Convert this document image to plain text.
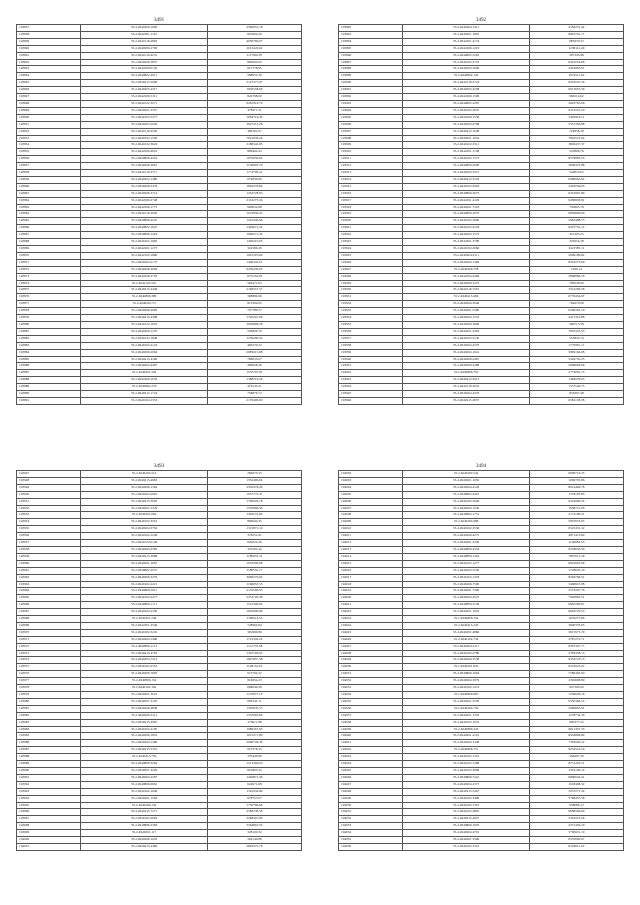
3491
193837	35.2.4940206.1600	2382851.18
193838	35.2.4942301.1191	801604.20
193839	35.2.4941016.4863	4036760.07
193840	35.2.4940206.2700	2013445.62
193841	35.2.4941016.4231	1117816.87
193842	35.2.4940206.5857	896292.02
193843	35.2.4942206.0745	915778.85
193844	35.2.4940802.3017	588952.30
193845	35.2.4940415.5006	5127377.97
193846	35.2.4940203.4317	1950558.60
193847	35.2.4942206.5311	824798.00
193848	35.2.4941022.3271	6281916.70
193849	35.2.4940201.5357	478471.31
193850	35.2.4940102.5377	1064716.43
193851	35.2.4940203.2026	3627213.28
193852	35.2.4941016.2250	386161.07
193853	35.2.4940102.1540	7021636.24
193854	35.2.4941022.3624	2186542.83
193855	35.2.4942206.4016	896462.45
193856	35.2.4940806.4324	1872059.04
193857	35.2.4940206.2661	1136903.79
193858	35.2.4941016.3717	1774706.21
193859	35.2.4940203.1480	674830.96
193860	35.2.4940206.2479	1892478.84
193861	35.2.4940206.3714	1452728.03
193862	35.2.4942206.2748	2101273.34
193863	35.2.4942206.1775	906052.68
193864	35.2.4941016.2920	1015859.45
193865	35.2.4940806.2247	1201444.96
193866	35.2.4940802.1625	1402671.24
193867	35.2.4940806.1424	1946571.32
193868	35.2.4940102.1665	1430410.63
193869	35.2.4942201.1273	324586.20
193870	35.2.4942102.1860	1907223.60
193871	35.2.4940204.2175	1449342.07
193872	35.2.4940206.3094	6236439.05
193873	35.2.4942206.2703	1075162.87
193874	35.2.4942102.501	594471.63
193875	35.2.4940415.4446	2169557.57
193876	35.2.4940806.389	308880.66
193877	35.2.4940201.53	815292.65
193878	35.2.4940206.4962	707789.37
193879	35.2.4940415.2398	1795201.06
193880	35.2.4941022.1653	2630809.26
193881	35.2.4940206.1255	526830.76
193882	35.2.4941022.1848	1239290.54
193883	35.2.4940102.2124	460279.32
193884	35.2.4940206.2004	2085015.98
193885	35.2.4940415.4160	768035.07
193886	35.2.4940204.4407	499928.36
193887	35.2.4940201.504	1535797.81
193888	35.2.4942206.1676	1388519.26
193889	35.2.4940802.276	476145.21
193890	35.2.4940415.1724	758876.72
193891	35.2.4940102.2353	2179499.60
3492
193892	35.2.4940204.1411	4183251.42
193893	35.2.4940201.1867	6823791.17
193894	35.2.4942201.4174	683679.23
193895	35.2.4942206.1219	1238112.49
193896	35.2.4940802.5265	287345.98
193897	35.2.4940102.2723	6341054.66
193898	35.2.4940203.3066	2401803.97
193899	35.2.4940802.142	1974511.02
193900	35.2.4941016.2722	6291047.56
193901	35.2.4940203.4238	6013655.59
193902	35.2.4942206.1596	960214.62
193903	35.2.4940802.2287	2643763.06
193904	35.2.4940102.2935	9314510.19
193905	35.2.4942206.1536	3405816.11
193906	35.2.4940203.4768	2337456.88
193907	35.2.4940415.1048	724858.28
193908	35.2.4940201.1054	7842531.02
193909	35.2.4940102.3511	3826437.37
193910	35.2.4942201.1748	523806.76
193911	35.2.4940102.1573	8579882.53
193912	35.2.4940806.2008	3099472.88
193913	35.2.4940203.3315	524819.02
193914	35.2.4940415.3103	6486965.02
193915	35.2.4940102.2063	3445039.63
193916	35.2.4940806.2673	6201891.89
193917	35.2.4942201.4129	9280803.81
193918	35.2.4940201.7318	750865.78
193919	35.2.4940806.3079	6839809.60
193920	35.2.4940102.2690	5683488.73
193921	35.2.4940102.4193	6207752.12
193922	35.2.4940204.1575	451303.25
193923	35.2.4942201.3790	345954.28
193924	35.2.4940102.2066	2421585.11
193925	35.2.4940204.2511	2099189.62
193926	35.2.4940204.1394	8543273.00
193927	35.2.4940206.758	1006.14
193928	35.2.4942204.2499	2868866.16
193929	35.2.4940206.3473	783046.09
193930	35.2.4941016.7261	3312209.36
193931	35.2.4940415.666	6776434.97
193932	35.2.4940204.3046	704670.08
193933	35.2.4940201.5390	6566303.10
193934	35.2.4940204.1233	4471319.88
193935	35.2.4940206.3069	560713.38
193936	35.2.4940201.4363	7816323.53
193937	35.2.4940102.3130	553824.74
193938	35.2.4940204.4579	1775081.11
193939	35.2.4940204.1641	5899164.68
193940	35.2.4940206.2467	5344750.25
193941	35.2.4940206.2488	2969606.06
193942	35.2.4940806.763	2774081.13
193943	35.2.4940415.2013	1484976.05
193944	35.2.4941016.2053	1537549.75
193945	35.2.4940204.4376	843667.48
193946	35.2.4940415.2837	6582138.38
3493
193947	35.2.4940204.512	284673.55
193948	35.2.4940415.4963	1332406.84
193949	35.2.4940206.1304	2503478.26
193950	35.2.4940204.2661	1057772.47
193951	35.2.4940415.3095	1790629.18
193952	35.2.4940201.5379	1370666.59
193953	35.2.4940201.664	1403574.64
193954	35.2.4940102.3501	896644.45
193955	35.2.4940204.3762	1315871.10
193956	35.2.4940102.1246	378251.61
193957	35.2.4941022.0146	649322.26
193958	35.2.4940204.3382	325591.44
193959	35.2.4940415.3688	1180033.31
193960	35.2.4940201.1667	1076390.08
193961	35.2.4940802.3237	1188532.77
193962	35.2.4940206.3276	3666270.64
193963	35.2.4940102.2415	1166653.55
193964	35.2.4940806.5611	2155506.93
193965	35.2.4940102.2477	2353720.38
193966	35.2.4940806.1171	1521306.02
193967	35.2.4940204.2326	1645099.96
193968	35.2.4940201.249	1769514.53
193969	35.2.4942201.2549	728904.84
193970	35.2.4940102.3245	391990.86
193971	35.2.4940204.1460	1712342.22
193972	35.2.4940806.1113	1111779.58
193973	35.2.4940415.4763	1325704.65
193974	35.2.4940204.7413	1827857.38
193975	35.2.4940102.2353	1148152.07
193976	35.2.4940206.7603	972764.32
193977	35.2.4940806.154	816654.23
193978	35.2.4940102.162	698040.28
193979	35.2.4940201.3019	1135977.19
193980	35.2.4940201.3105	896142.11
193981	35.2.4940206.4846	1395645.15
193982	35.2.4940206.3111	1357993.84
193983	35.2.4940415.4997	376611.88
193984	35.2.4940102.2195	1080457.65
193985	35.2.4940206.1852	1015271.80
193986	35.2.4940204.1366	2090726.36
193987	35.2.4940415.5347	937378.33
193988	35.2.4940415.750	379440.96
193989	35.2.4940806.3264	1213394.05
193990	35.2.4940201.3229	816993.32
193991	35.2.4940204.2397	1404871.26
193992	35.2.4940806.6961	624071.68
193993	35.2.4940102.1646	1310434.84
193994	35.2.4940201.1504	678757.07
193995	35.2.4940206.130	1750766.66
193996	35.2.4940415.7271	2568138.58
193997	35.2.4940102.2904	2268497.80
193998	35.2.4940806.2394	3564891.03
193999	35.2.4940201.117	328120.32
194000	35.2.4940206.1018	564140.88
194001	35.2.4940415.4469	2802472.79
3494
194002	35.2.4940204.542	6699716.25
194003	35.2.4940201.1650	1090705.86
194004	35.2.4940204.4126	8014494.78
194005	35.2.4940802.4410	1578195.83
194006	35.2.4940102.2646	6416680.24
194007	35.2.4940204.1230	1038151.06
194008	35.2.4940802.1751	2174180.21
194009	35.2.4940204.686	5907652.65
194010	35.2.4940102.3536	6525431.12
194011	35.2.4940206.4275	4871413.60
194012	35.2.4940201.2339	1149684.53
194013	35.2.4940806.4354	9518656.30
194014	35.2.4940806.1304	7897612.36
194015	35.2.4940102.1277	9061605.66
194016	35.2.4940204.5549	1728643.10
194017	35.2.4940102.1318	8346766.51
194018	35.2.4940206.7500	3460847.08
194019	35.2.4940201.7200	2574597.76
194020	35.2.4940204.4525	7940862.51
194021	35.2.4940806.3139	9667209.97
194022	35.2.4940201.1633	6644726.53
194023	35.2.4940806.334	1676275.66
194024	35.2.4940415.245	3690376.05
194025	35.2.4940201.4866	3617673.79
194026	35.2.4940102.734	2787272.71
194027	35.2.4940204.4117	8307307.77
194028	35.2.4940102.2780	2785358.13
194029	35.2.4940206.3538	9354723.13
194030	35.2.4940201.835	6253923.22
194031	35.2.4940806.1664	7580465.00
194032	35.2.4940204.3079	2392698.89
194033	35.2.4940102.1474	607392.00
194034	35.2.4940806.865	1239626.16
194035	35.2.4940201.3539	9330366.14
194036	35.2.4940204.730	2969663.91
194037	35.2.4940201.1376	1278734.19
194038	35.2.4940102.1041	900377.22
194039	35.2.4940806.343	6911475.35
194040	35.2.4940201.4101	6934896.69
194041	35.2.4940204.1348	7363940.52
194042	35.2.4940806.751	8234516.16
194043	35.2.4940102.1310	436407.30
194044	35.2.4940102.1398	8751203.11
194045	35.2.4940102.3069	3452190.14
194046	35.2.4940806.7441	9960644.41
194047	35.2.4940204.2373	1018408.32
194048	35.2.4940415.5467	3237271.34
194049	35.2.4940102.3499	5768455.58
194050	35.2.4940102.7310	938086.12
194051	35.2.4940102.2881	9088590.69
194052	35.2.4940415.2627	5303216.56
194053	35.2.4940806.1903	4371459.19
194054	35.2.4940204.4701	5790601.10
194055	35.2.4940201.3596	8370600.97
194056	35.2.4940102.3316	8163612.22
